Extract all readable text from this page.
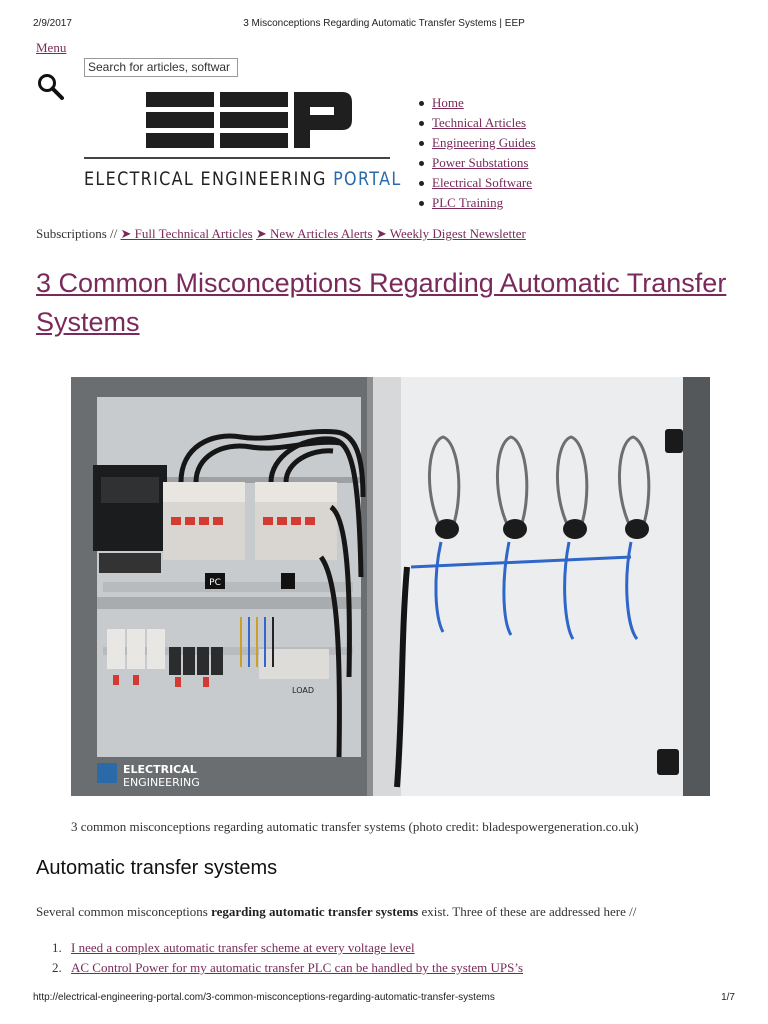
2/9/2017	3 Misconceptions Regarding Automatic Transfer Systems | EEP
Menu
Search for articles, softwar
ELECTRICAL ENGINEERING PORTAL
Home
Technical Articles
Engineering Guides
Power Substations
Electrical Software
PLC Training
Subscriptions // ➤ Full Technical Articles ➤ New Articles Alerts ➤ Weekly Digest Newsletter
3 Common Misconceptions Regarding Automatic Transfer Systems
PC
LOAD
ELECTRICAL
ENGINEERING
3 common misconceptions regarding automatic transfer systems (photo credit: bladespowergeneration.co.uk)
Automatic transfer systems

Several common misconceptions regarding automatic transfer systems exist. Three of these are addressed here //

1. I need a complex automatic transfer scheme at every voltage level
2. AC Control Power for my automatic transfer PLC can be handled by the system UPS’s
http://electrical-engineering-portal.com/3-common-misconceptions-regarding-automatic-transfer-systems	1/7
